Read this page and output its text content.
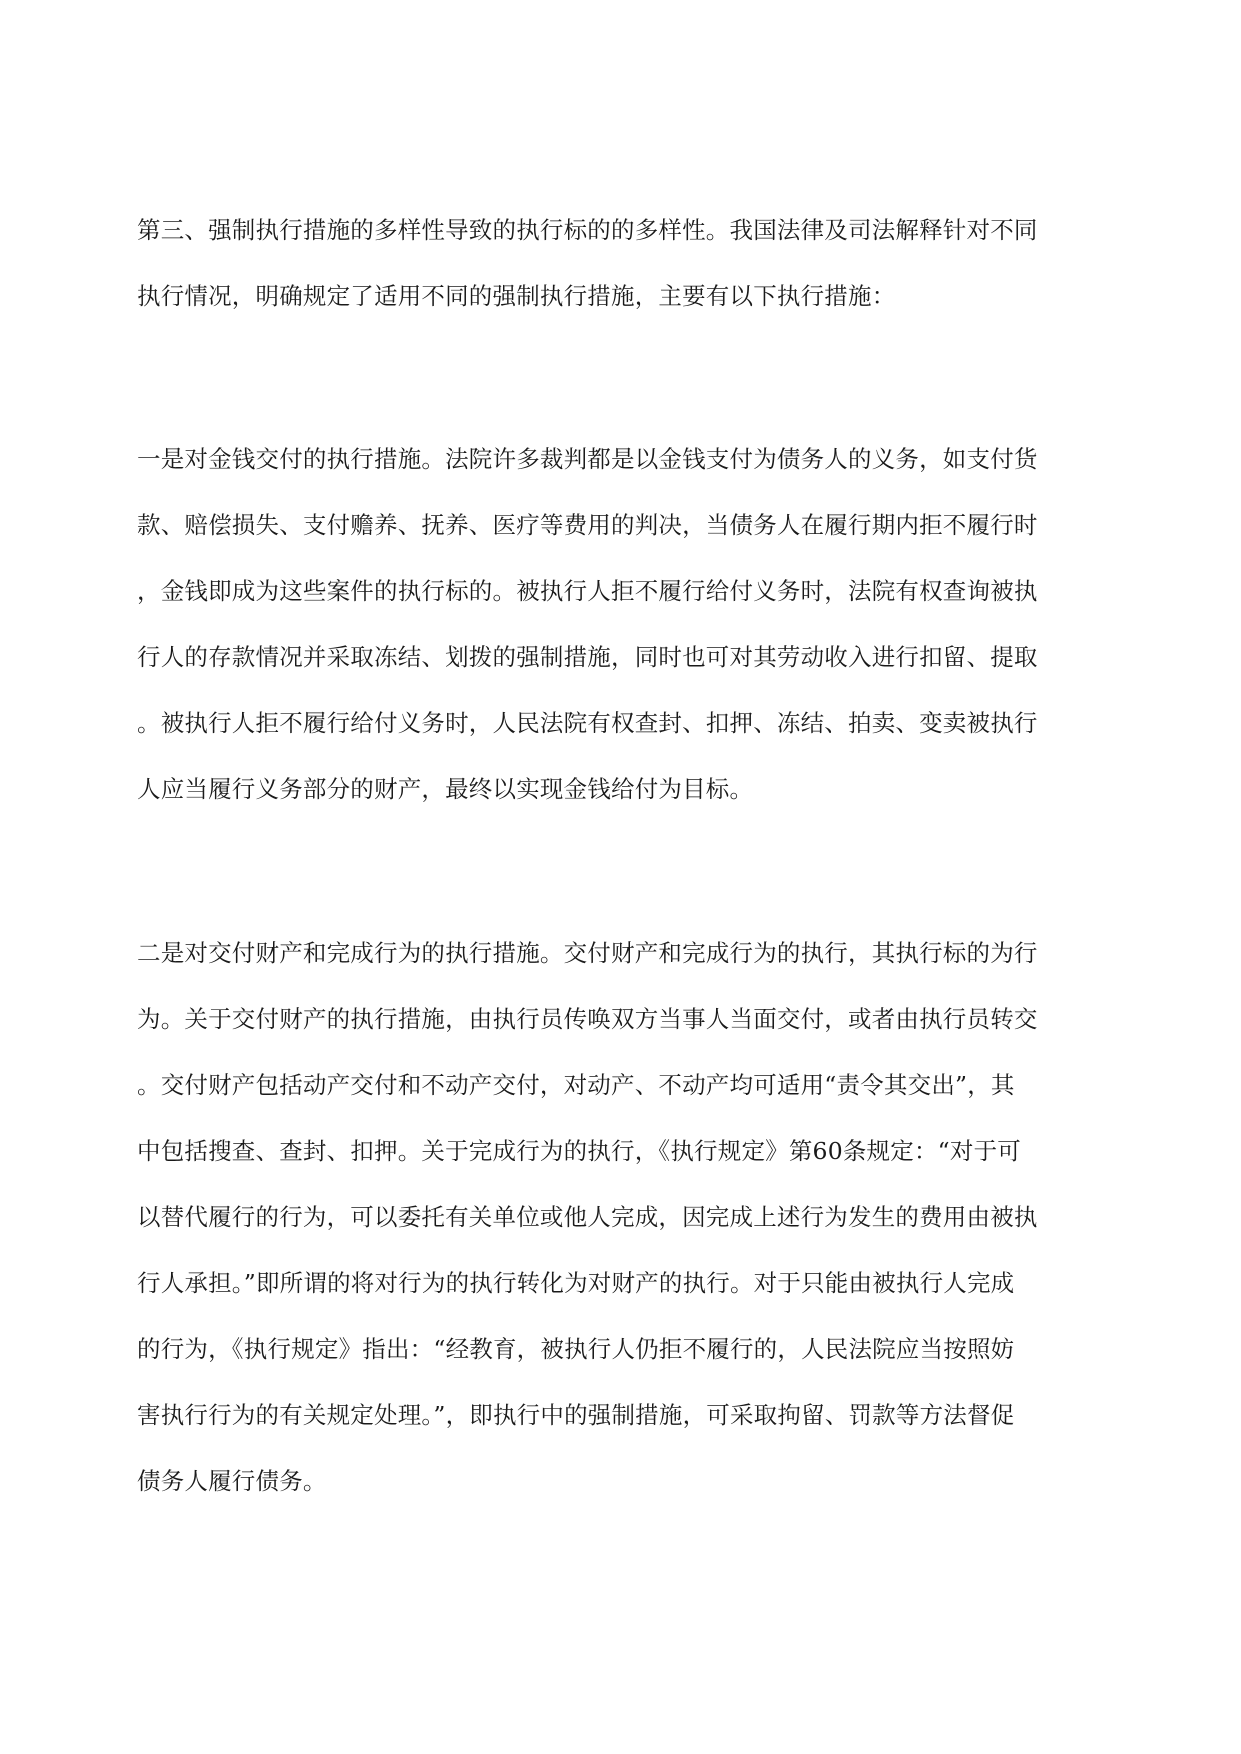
第三、强制执行措施的多样性导致的执行标的的多样性。我国法律及司法解释针对不同
执行情况，明确规定了适用不同的强制执行措施，主要有以下执行措施：
一是对金钱交付的执行措施。法院许多裁判都是以金钱支付为债务人的义务，如支付货
款、赔偿损失、支付赡养、抚养、医疗等费用的判决，当债务人在履行期内拒不履行时
，金钱即成为这些案件的执行标的。被执行人拒不履行给付义务时，法院有权查询被执
行人的存款情况并采取冻结、划拨的强制措施，同时也可对其劳动收入进行扣留、提取
。被执行人拒不履行给付义务时，人民法院有权查封、扣押、冻结、拍卖、变卖被执行
人应当履行义务部分的财产，最终以实现金钱给付为目标。
二是对交付财产和完成行为的执行措施。交付财产和完成行为的执行，其执行标的为行
为。关于交付财产的执行措施，由执行员传唤双方当事人当面交付，或者由执行员转交
。交付财产包括动产交付和不动产交付，对动产、不动产均可适用“责令其交出”，其
中包括搜查、查封、扣押。关于完成行为的执行，《执行规定》第60条规定：“对于可
以替代履行的行为，可以委托有关单位或他人完成，因完成上述行为发生的费用由被执
行人承担。”即所谓的将对行为的执行转化为对财产的执行。对于只能由被执行人完成
的行为，《执行规定》指出：“经教育，被执行人仍拒不履行的，人民法院应当按照妨
害执行行为的有关规定处理。”，即执行中的强制措施，可采取拘留、罚款等方法督促
债务人履行债务。
